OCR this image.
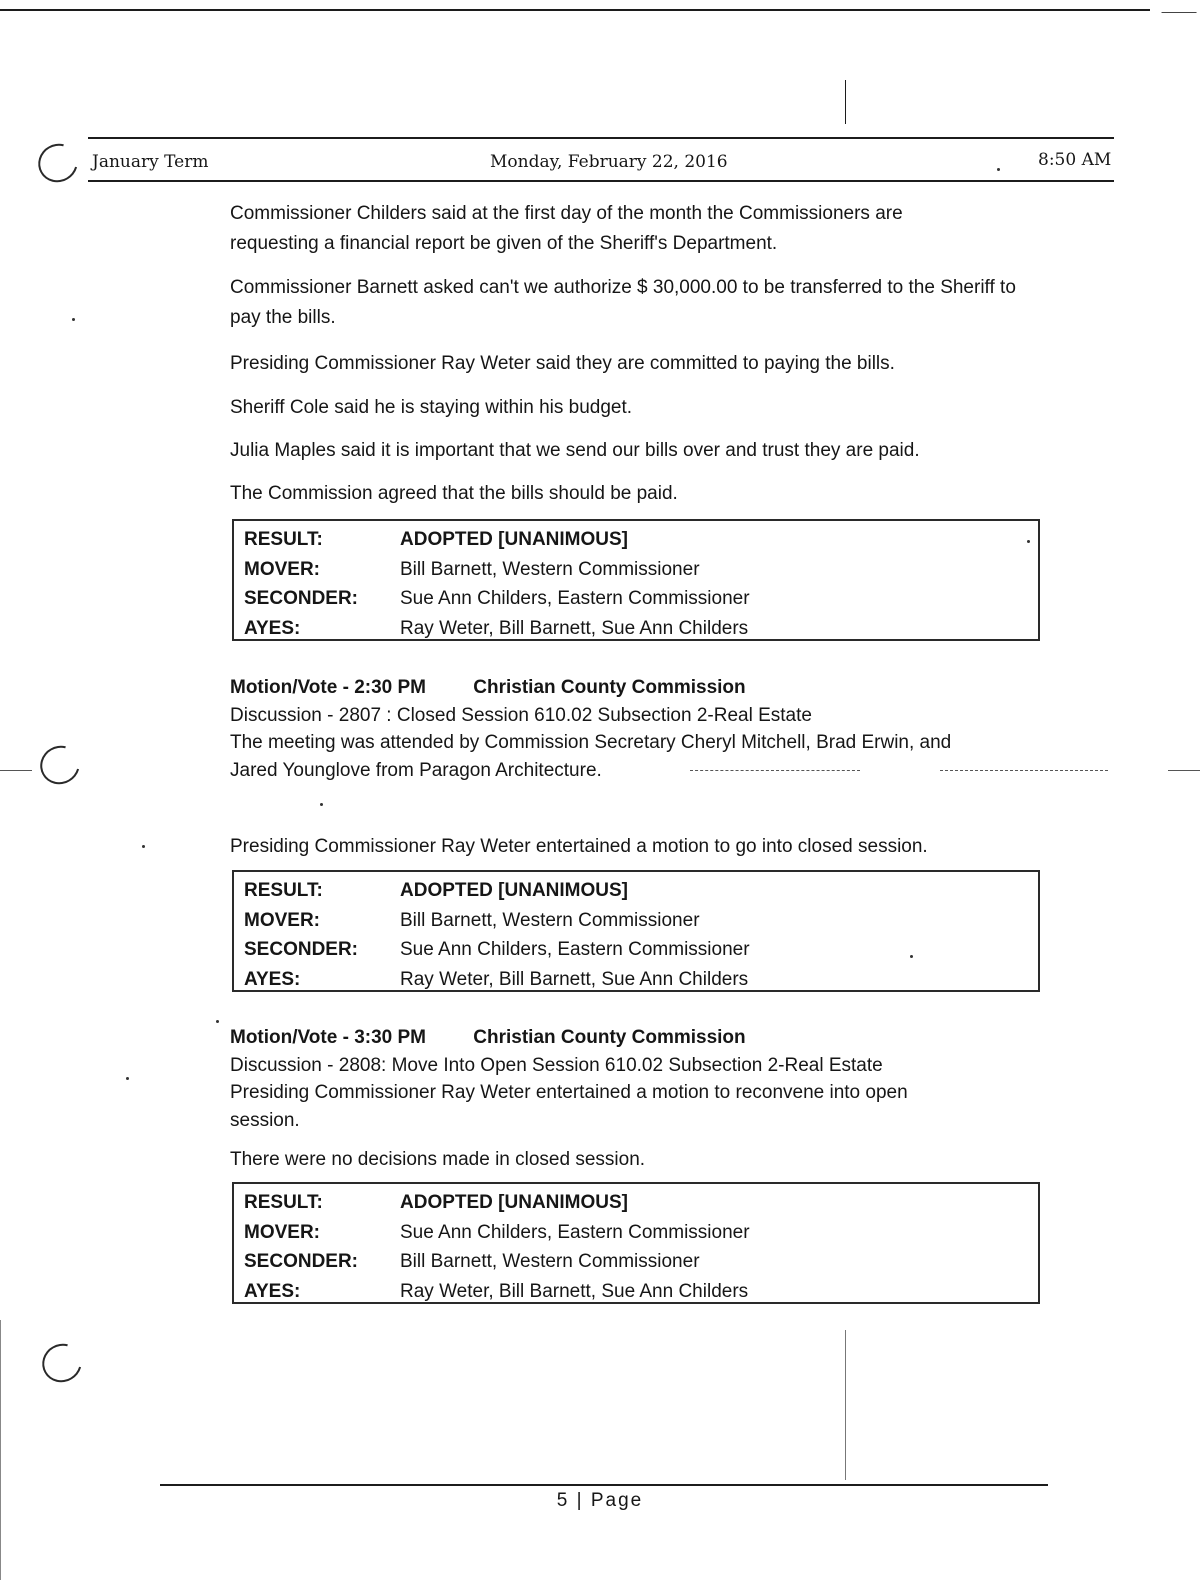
January Term	Monday, February 22, 2016	8:50 AM
Commissioner Childers said at the first day of the month the Commissioners are requesting a financial report be given of the Sheriff's Department.
Commissioner Barnett asked can't we authorize $ 30,000.00 to be transferred to the Sheriff to pay the bills.
Presiding Commissioner Ray Weter said they are committed to paying the bills.
Sheriff Cole said he is staying within his budget.
Julia Maples said it is important that we send our bills over and trust they are paid.
The Commission agreed that the bills should be paid.
RESULT:	ADOPTED [UNANIMOUS]
MOVER:	Bill Barnett, Western Commissioner
SECONDER: Sue Ann Childers, Eastern Commissioner
AYES:	Ray Weter, Bill Barnett, Sue Ann Childers
Motion/Vote - 2:30 PM Christian County Commission
Discussion - 2807 : Closed Session 610.02 Subsection 2-Real Estate
The meeting was attended by Commission Secretary Cheryl Mitchell, Brad Erwin, and
Jared Younglove from Paragon Architecture.
Presiding Commissioner Ray Weter entertained a motion to go into closed session.
RESULT:	ADOPTED [UNANIMOUS]
MOVER:	Bill Barnett, Western Commissioner
SECONDER: Sue Ann Childers, Eastern Commissioner
AYES:	Ray Weter, Bill Barnett, Sue Ann Childers
Motion/Vote - 3:30 PM Christian County Commission
Discussion - 2808: Move Into Open Session 610.02 Subsection 2-Real Estate
Presiding Commissioner Ray Weter entertained a motion to reconvene into open
session.
There were no decisions made in closed session.
RESULT:	ADOPTED [UNANIMOUS]
MOVER:	Sue Ann Childers, Eastern Commissioner
SECONDER: Bill Barnett, Western Commissioner
AYES:	Ray Weter, Bill Barnett, Sue Ann Childers
5 | Page
